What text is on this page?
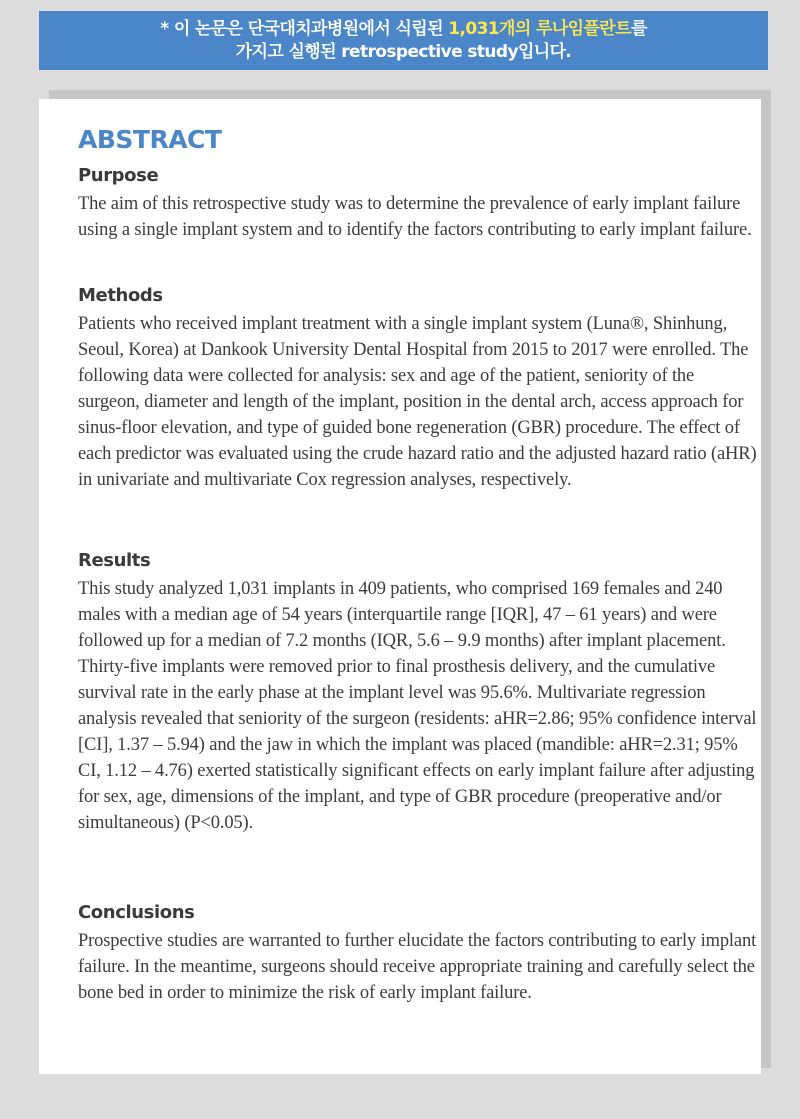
* 이 논문은 단국대치과병원에서 식립된 1,031개의 루나임플란트를
가지고 실행된 retrospective study입니다.
ABSTRACT
Purpose

The aim of this retrospective study was to determine the prevalence of early implant failure using a single implant system and to identify the factors contributing to early implant failure.

Methods

Patients who received implant treatment with a single implant system (Luna®, Shinhung, Seoul, Korea) at Dankook University Dental Hospital from 2015 to 2017 were enrolled. The following data were collected for analysis: sex and age of the patient, seniority of the surgeon, diameter and length of the implant, position in the dental arch, access approach for sinus-floor elevation, and type of guided bone regeneration (GBR) procedure. The effect of each predictor was evaluated using the crude hazard ratio and the adjusted hazard ratio (aHR) in univariate and multivariate Cox regression analyses, respectively.

Results

This study analyzed 1,031 implants in 409 patients, who comprised 169 females and 240 males with a median age of 54 years (interquartile range [IQR], 47 – 61 years) and were followed up for a median of 7.2 months (IQR, 5.6 – 9.9 months) after implant placement. Thirty-five implants were removed prior to final prosthesis delivery, and the cumulative survival rate in the early phase at the implant level was 95.6%. Multivariate regression analysis revealed that seniority of the surgeon (residents: aHR=2.86; 95% confidence interval [CI], 1.37 – 5.94) and the jaw in which the implant was placed (mandible: aHR=2.31; 95% CI, 1.12 – 4.76) exerted statistically significant effects on early implant failure after adjusting for sex, age, dimensions of the implant, and type of GBR procedure (preoperative and/or simultaneous) (P<0.05).

Conclusions

Prospective studies are warranted to further elucidate the factors contributing to early implant failure. In the meantime, surgeons should receive appropriate training and carefully select the bone bed in order to minimize the risk of early implant failure.
